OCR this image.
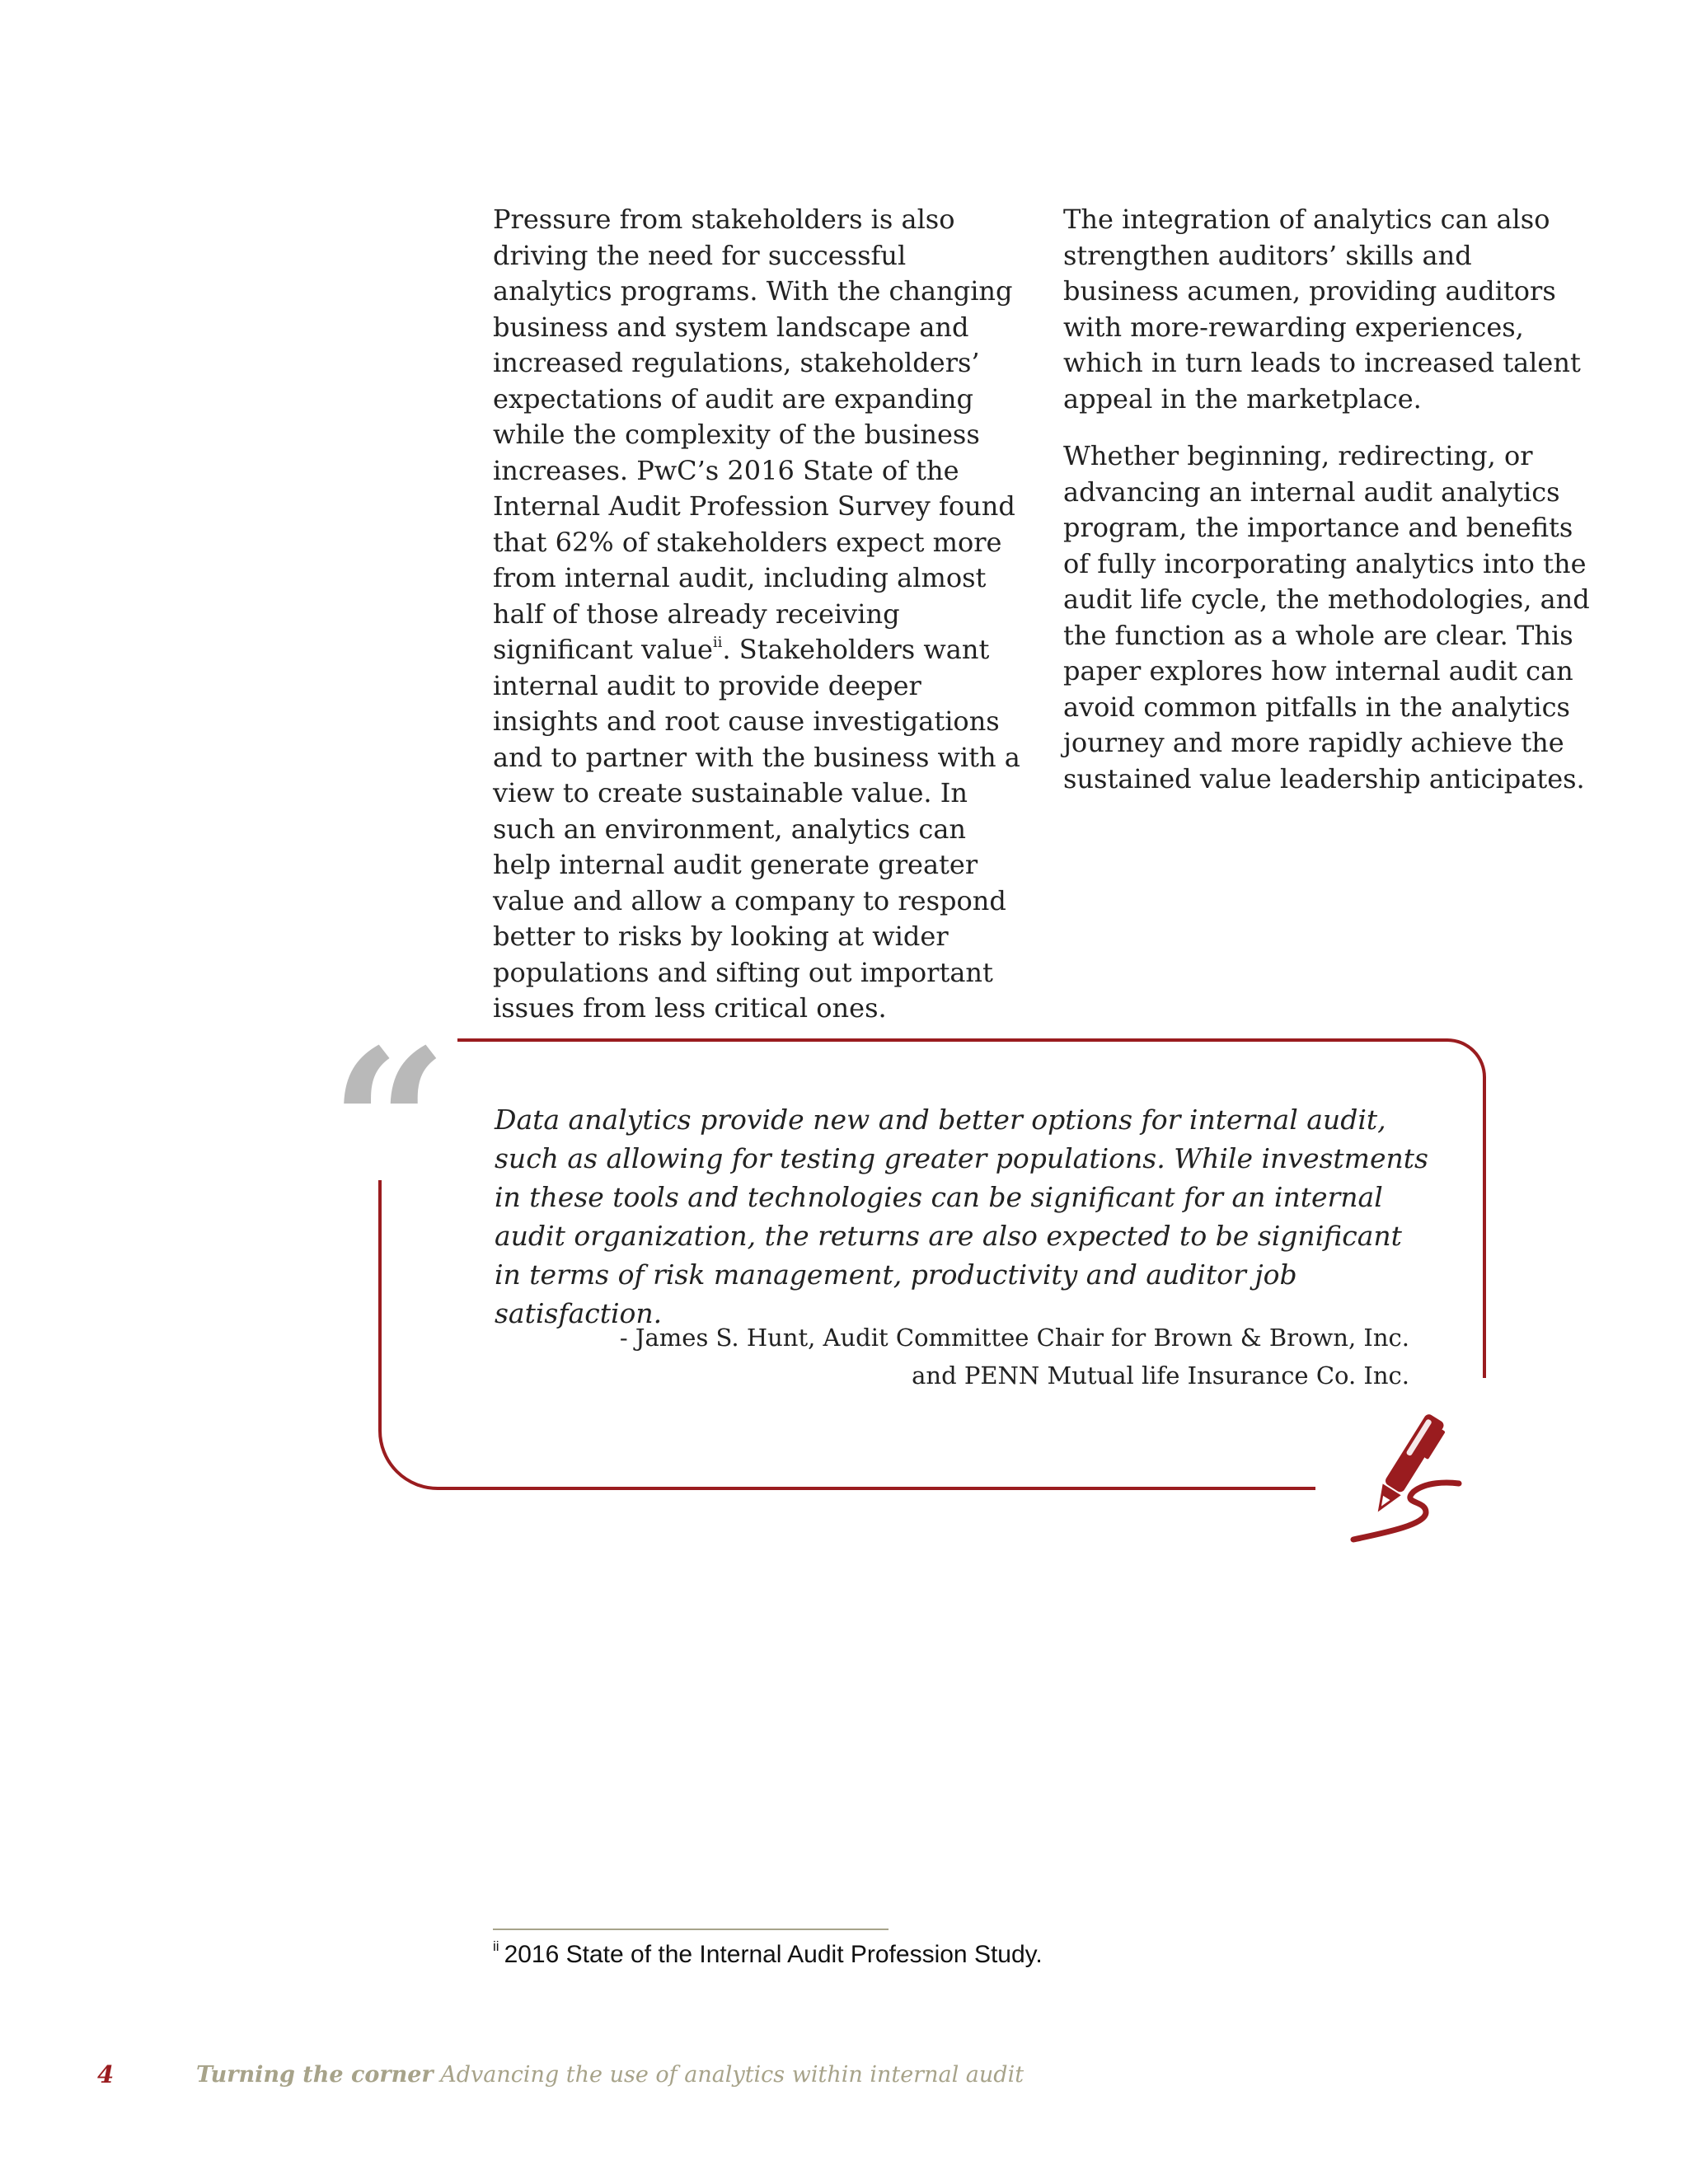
Pressure from stakeholders is also driving the need for successful analytics programs. With the changing business and system landscape and increased regulations, stakeholders’ expectations of audit are expanding while the complexity of the business increases. PwC’s 2016 State of the Internal Audit Profession Survey found that 62% of stakeholders expect more from internal audit, including almost half of those already receiving significant value$^{ii}$. Stakeholders want internal audit to provide deeper insights and root cause investigations and to partner with the business with a view to create sustainable value. In such an environment, analytics can help internal audit generate greater value and allow a company to respond better to risks by looking at wider populations and sifting out important issues from less critical ones.

The integration of analytics can also strengthen auditors’ skills and business acumen, providing auditors with more-rewarding experiences, which in turn leads to increased talent appeal in the marketplace.

Whether beginning, redirecting, or advancing an internal audit analytics program, the importance and benefits of fully incorporating analytics into the audit life cycle, the methodologies, and the function as a whole are clear. This paper explores how internal audit can avoid common pitfalls in the analytics journey and more rapidly achieve the sustained value leadership anticipates.

“ Data analytics provide new and better options for internal audit, such as allowing for testing greater populations. While investments in these tools and technologies can be significant for an internal audit organization, the returns are also expected to be significant in terms of risk management, productivity and auditor job satisfaction.
- James S. Hunt, Audit Committee Chair for Brown & Brown, Inc.
and PENN Mutual life Insurance Co. Inc.
$^{ii}$ 2016 State of the Internal Audit Profession Study.
4	Turning the corner Advancing the use of analytics within internal audit
